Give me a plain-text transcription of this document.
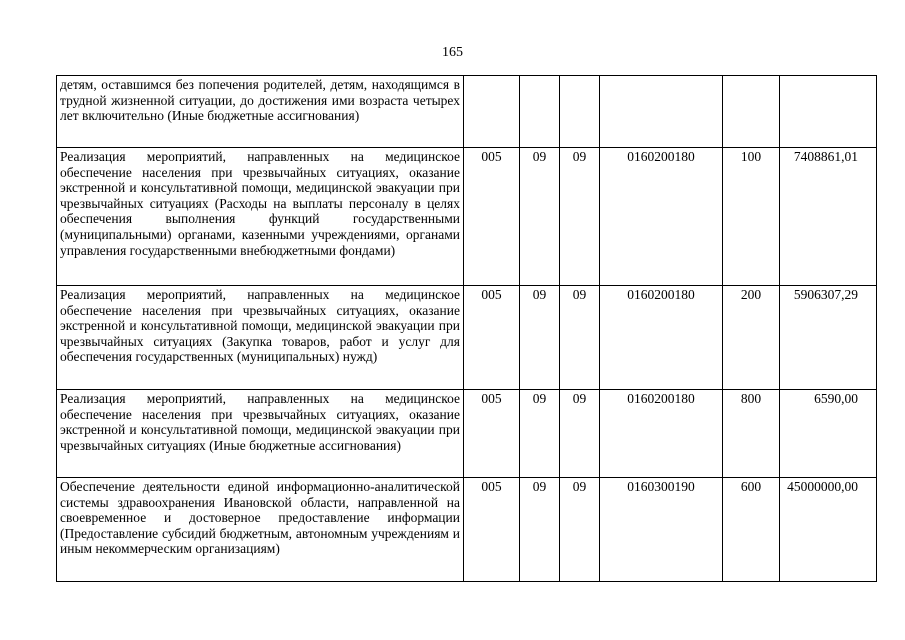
165
детям, оставшимся без попечения родителей, детям, находящимся в трудной жизненной ситуации, до достижения ими возраста четырех лет включительно (Иные бюджетные ассигнования)						
Реализация мероприятий, направленных на медицинское обеспечение населения при чрезвычайных ситуациях, оказание экстренной и консультативной помощи, медицинской эвакуации при чрезвычайных ситуациях (Расходы на выплаты персоналу в целях обеспечения выполнения функций государственными (муниципальными) органами, казенными учреждениями, органами управления государственными внебюджетными фондами)	005	09	09	0160200180	100	7408861,01
Реализация мероприятий, направленных на медицинское обеспечение населения при чрезвычайных ситуациях, оказание экстренной и консультативной помощи, медицинской эвакуации при чрезвычайных ситуациях (Закупка товаров, работ и услуг для обеспечения государственных (муниципальных) нужд)	005	09	09	0160200180	200	5906307,29
Реализация мероприятий, направленных на медицинское обеспечение населения при чрезвычайных ситуациях, оказание экстренной и консультативной помощи, медицинской эвакуации при чрезвычайных ситуациях (Иные бюджетные ассигнования)	005	09	09	0160200180	800	6590,00
Обеспечение деятельности единой информационно-аналитической системы здравоохранения Ивановской области, направленной на своевременное и достоверное предоставление информации (Предоставление субсидий бюджетным, автономным учреждениям и иным некоммерческим организациям)	005	09	09	0160300190	600	45000000,00
